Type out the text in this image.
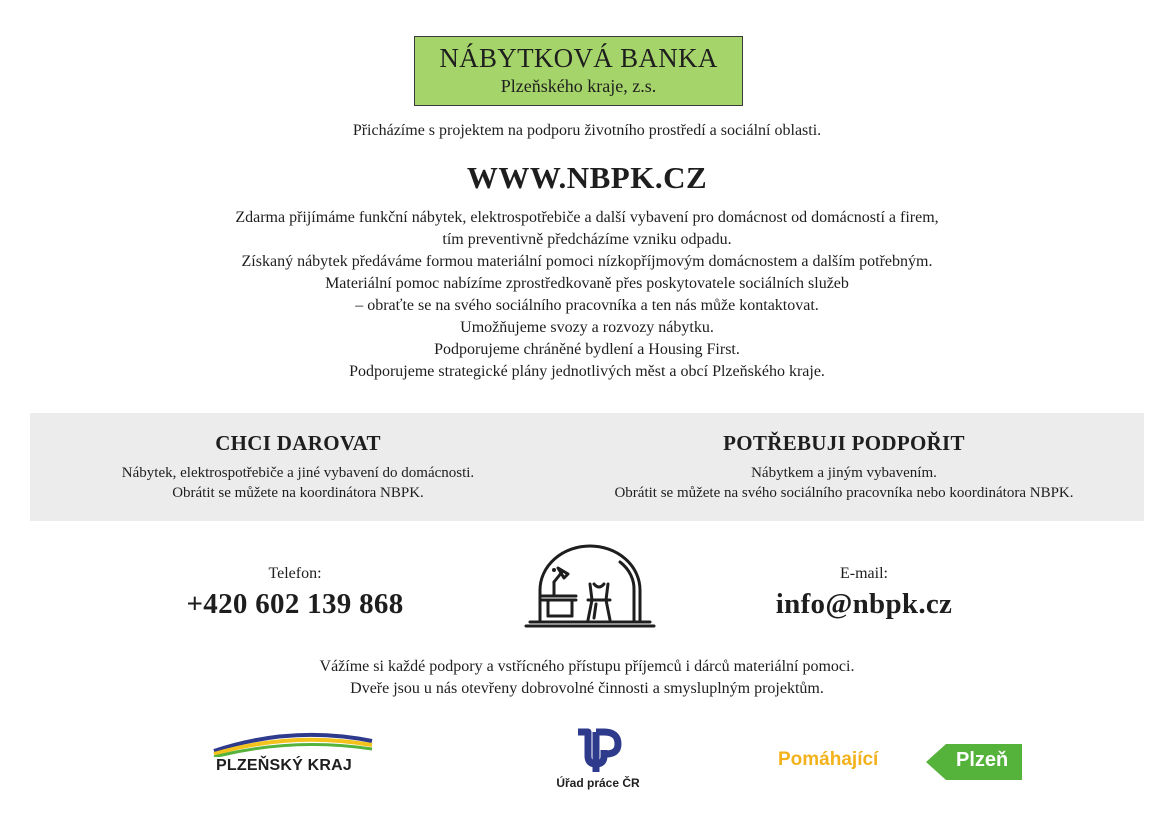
NÁBYTKOVÁ BANKA
Plzeňského kraje, z.s.
Přicházíme s projektem na podporu životního prostředí a sociální oblasti.
WWW.NBPK.CZ
Zdarma přijímáme funkční nábytek, elektrospotřebiče a další vybavení pro domácnost od domácností a firem,
tím preventivně předcházíme vzniku odpadu.
Získaný nábytek předáváme formou materiální pomoci nízkopříjmovým domácnostem a dalším potřebným.
Materiální pomoc nabízíme zprostředkovaně přes poskytovatele sociálních služeb
– obraťte se na svého sociálního pracovníka a ten nás může kontaktovat.
Umožňujeme svozy a rozvozy nábytku.
Podporujeme chráněné bydlení a Housing First.
Podporujeme strategické plány jednotlivých měst a obcí Plzeňského kraje.
CHCI DAROVAT
Nábytek, elektrospotřebiče a jiné vybavení do domácnosti.
Obrátit se můžete na koordinátora NBPK.
POTŘEBUJI PODPOŘIT
Nábytkem a jiným vybavením.
Obrátit se můžete na svého sociálního pracovníka nebo koordinátora NBPK.
Telefon:
+420 602 139 868
E-mail:
info@nbpk.cz
Vážíme si každé podpory a vstřícného přístupu příjemců i dárců materiální pomoci.
Dveře jsou u nás otevřeny dobrovolné činnosti a smysluplným projektům.
PLZEŇSKÝ KRAJ
Úřad práce ČR
Pomáhající	Plzeň
